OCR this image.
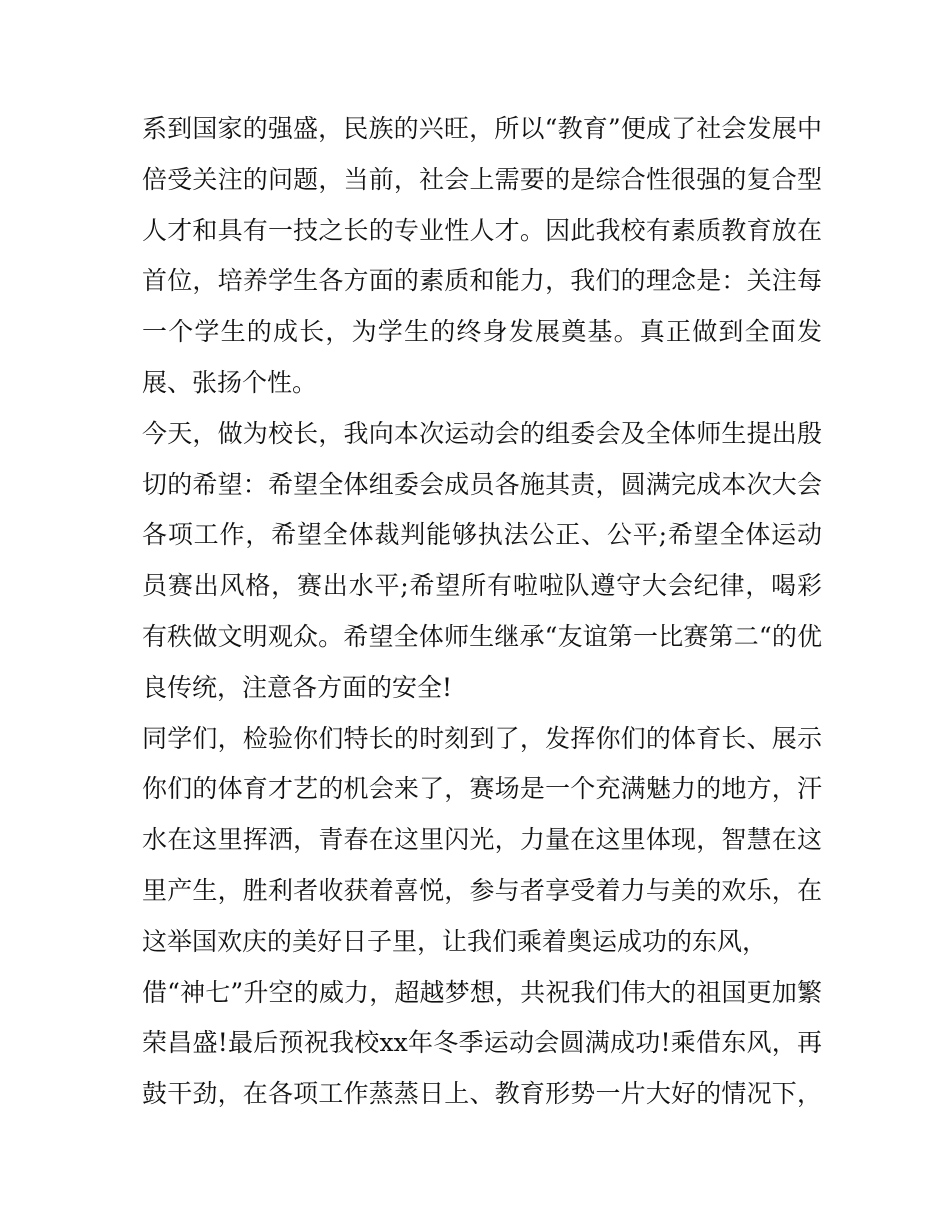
系到国家的强盛，民族的兴旺，所以“教育”便成了社会发展中
倍受关注的问题，当前，社会上需要的是综合性很强的复合型
人才和具有一技之长的专业性人才。因此我校有素质教育放在
首位，培养学生各方面的素质和能力，我们的理念是：关注每
一个学生的成长，为学生的终身发展奠基。真正做到全面发
展、张扬个性。
今天，做为校长，我向本次运动会的组委会及全体师生提出殷
切的希望：希望全体组委会成员各施其责，圆满完成本次大会
各项工作，希望全体裁判能够执法公正、公平;希望全体运动
员赛出风格，赛出水平;希望所有啦啦队遵守大会纪律，喝彩
有秩做文明观众。希望全体师生继承“友谊第一比赛第二“的优
良传统，注意各方面的安全!
同学们，检验你们特长的时刻到了，发挥你们的体育长、展示
你们的体育才艺的机会来了，赛场是一个充满魅力的地方，汗
水在这里挥洒，青春在这里闪光，力量在这里体现，智慧在这
里产生，胜利者收获着喜悦，参与者享受着力与美的欢乐，在
这举国欢庆的美好日子里，让我们乘着奥运成功的东风，
借“神七”升空的威力，超越梦想，共祝我们伟大的祖国更加繁
荣昌盛!最后预祝我校xx年冬季运动会圆满成功!乘借东风，再
鼓干劲，在各项工作蒸蒸日上、教育形势一片大好的情况下，
